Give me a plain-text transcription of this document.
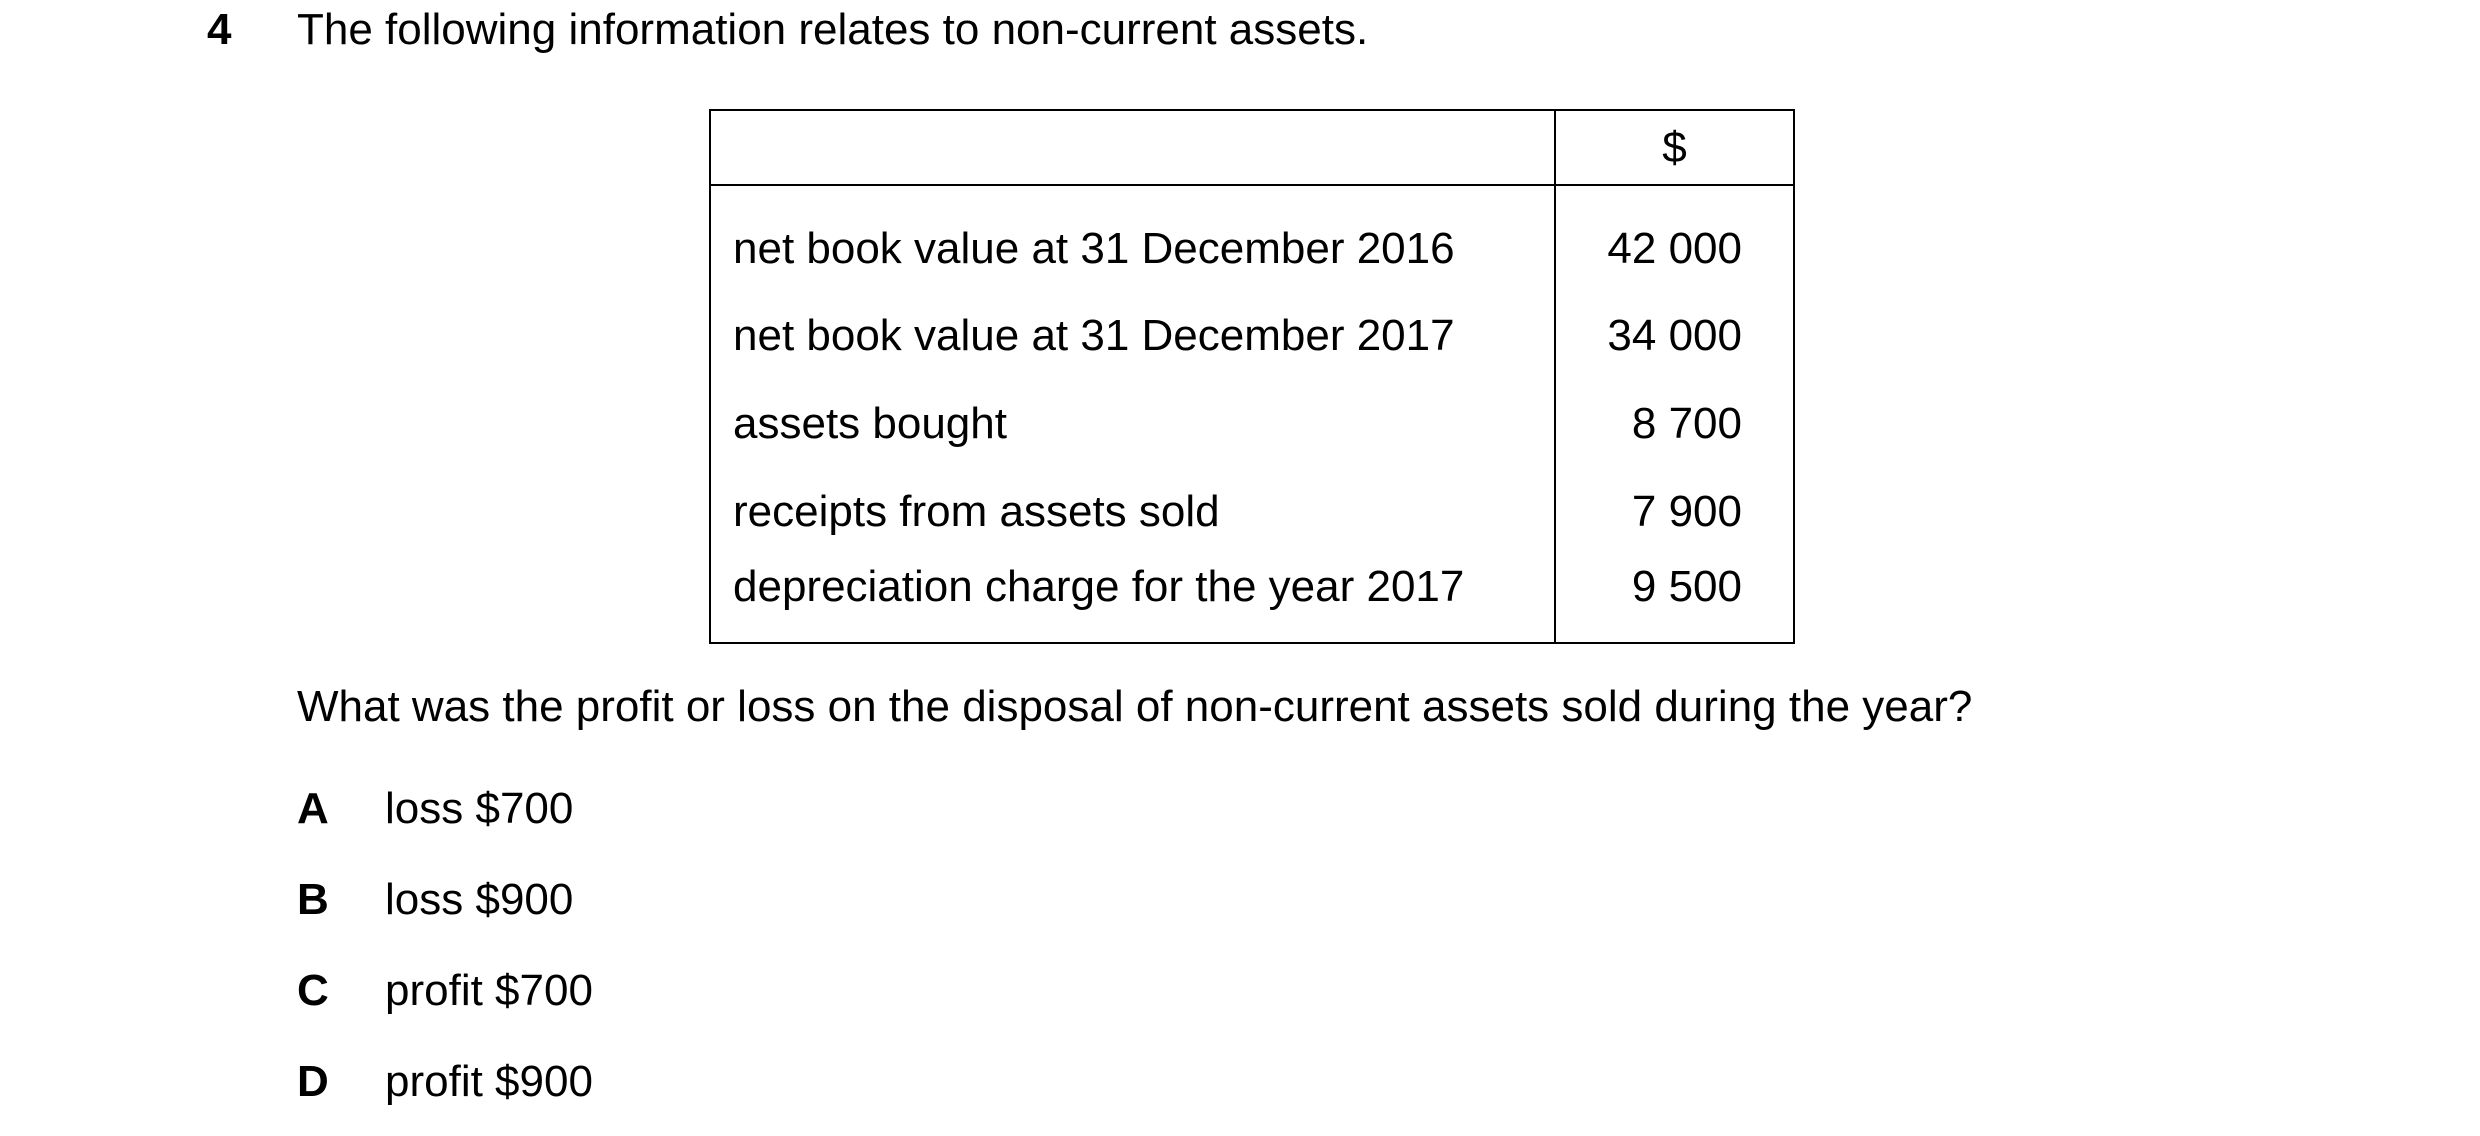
4 The following information relates to non-current assets.
	$
net book value at 31 December 2016	42 000
net book value at 31 December 2017	34 000
assets bought	8 700
receipts from assets sold	7 900
depreciation charge for the year 2017	9 500
What was the profit or loss on the disposal of non-current assets sold during the year?
A loss $700
B loss $900
C profit $700
D profit $900
